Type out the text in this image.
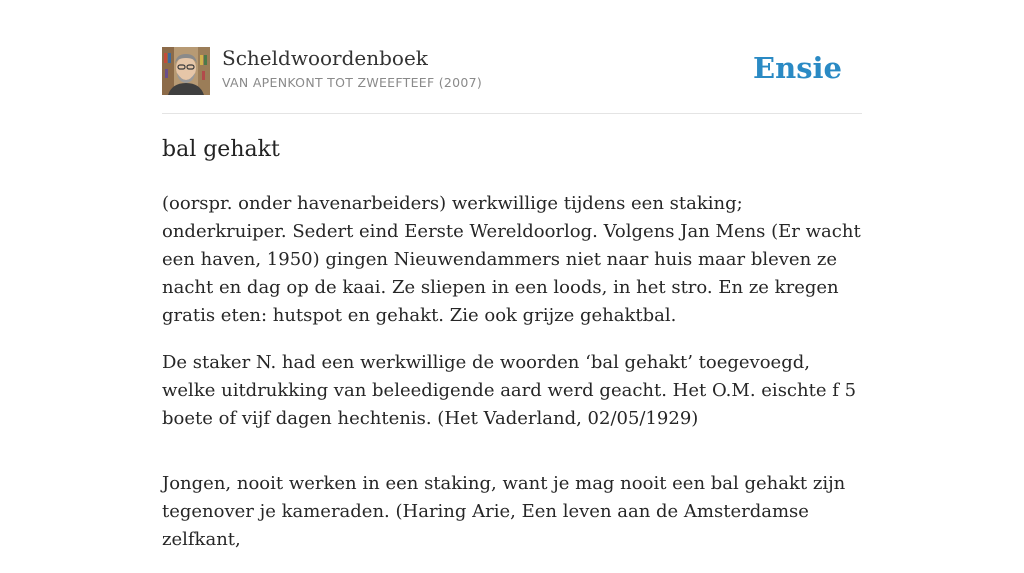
Scheldwoordenboek
VAN APENKONT TOT ZWEEFTEEF (2007)	Ensie
bal gehakt

(oorspr. onder havenarbeiders) werkwillige tijdens een staking; onderkruiper. Sedert eind Eerste Wereldoorlog. Volgens Jan Mens (Er wacht een haven, 1950) gingen Nieuwendammers niet naar huis maar bleven ze nacht en dag op de kaai. Ze sliepen in een loods, in het stro. En ze kregen gratis eten: hutspot en gehakt. Zie ook grijze gehaktbal.

De staker N. had een werkwillige de woorden ‘bal gehakt’ toegevoegd, welke uitdrukking van beleedigende aard werd geacht. Het O.M. eischte f 5 boete of vijf dagen hechtenis. (Het Vaderland, 02/05/1929)

Jongen, nooit werken in een staking, want je mag nooit een bal gehakt zijn tegenover je kameraden. (Haring Arie, Een leven aan de Amsterdamse zelfkant,
